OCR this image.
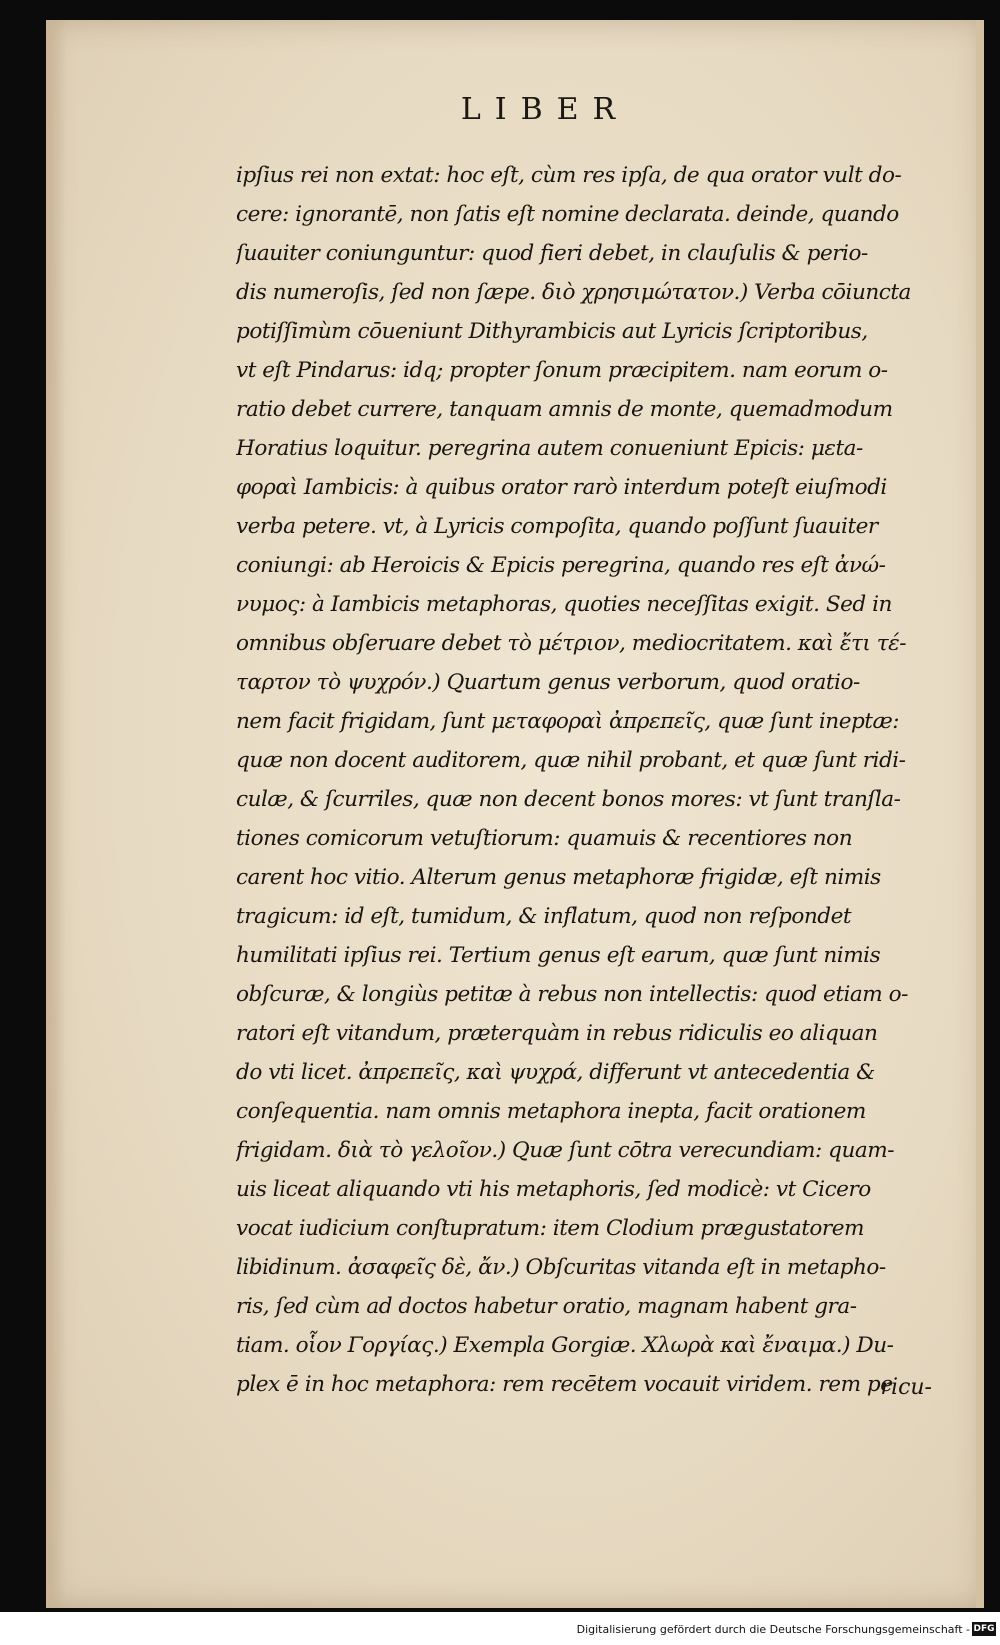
LIBER
ipſius rei non extat: hoc eſt, cùm res ipſa, de qua orator vult do-
cere: ignorantē, non ſatis eſt nomine declarata. deinde, quando
ſuauiter coniunguntur: quod fieri debet, in clauſulis & perio-
dis numeroſis, ſed non ſæpe. διὸ χρησιμώτατον.) Verba cōiuncta
potiſſimùm cōueniunt Dithyrambicis aut Lyricis ſcriptoribus,
vt eſt Pindarus: idq; propter ſonum præcipitem. nam eorum o-
ratio debet currere, tanquam amnis de monte, quemadmodum
Horatius loquitur. peregrina autem conueniunt Epicis: μεta-
φοραὶ Iambicis: à quibus orator rarò interdum poteſt eiuſmodi
verba petere. vt, à Lyricis compoſita, quando poſſunt ſuauiter
coniungi: ab Heroicis & Epicis peregrina, quando res eſt ἀνώ-
νυμος: à Iambicis metaphoras, quoties neceſſitas exigit. Sed in
omnibus obſeruare debet τὸ μέτριον, mediocritatem. καὶ ἔτι τέ-
ταρτον τὸ ψυχρόν.) Quartum genus verborum, quod oratio-
nem facit frigidam, ſunt μεταφοραὶ ἀπρεπεῖς, quæ ſunt ineptæ:
quæ non docent auditorem, quæ nihil probant, et quæ ſunt ridi-
culæ, & ſcurriles, quæ non decent bonos mores: vt ſunt tranſla-
tiones comicorum vetuſtiorum: quamuis & recentiores non
carent hoc vitio. Alterum genus metaphoræ frigidæ, eſt nimis
tragicum: id eſt, tumidum, & inflatum, quod non reſpondet
humilitati ipſius rei. Tertium genus eſt earum, quæ ſunt nimis
obſcuræ, & longiùs petitæ à rebus non intellectis: quod etiam o-
ratori eſt vitandum, præterquàm in rebus ridiculis eo aliquan
do vti licet. ἀπρεπεῖς, καὶ ψυχρά, differunt vt antecedentia &
conſequentia. nam omnis metaphora inepta, facit orationem
frigidam. διὰ τὸ γελοῖον.) Quæ ſunt cōtra verecundiam: quam-
uis liceat aliquando vti his metaphoris, ſed modicè: vt Cicero
vocat iudicium conſtupratum: item Clodium prægustatorem
libidinum. ἀσαφεῖς δὲ, ἄν.) Obſcuritas vitanda eſt in metapho-
ris, ſed cùm ad doctos habetur oratio, magnam habent gra-
tiam. οἷον Γοργίας.) Exempla Gorgiæ. Χλωρὰ καὶ ἔναιμα.) Du-
plex ē in hoc metaphora: rem recētem vocauit viridem. rem pe
ricu-
Digitalisierung gefördert durch die Deutsche Forschungsgemeinschaft - DFG
